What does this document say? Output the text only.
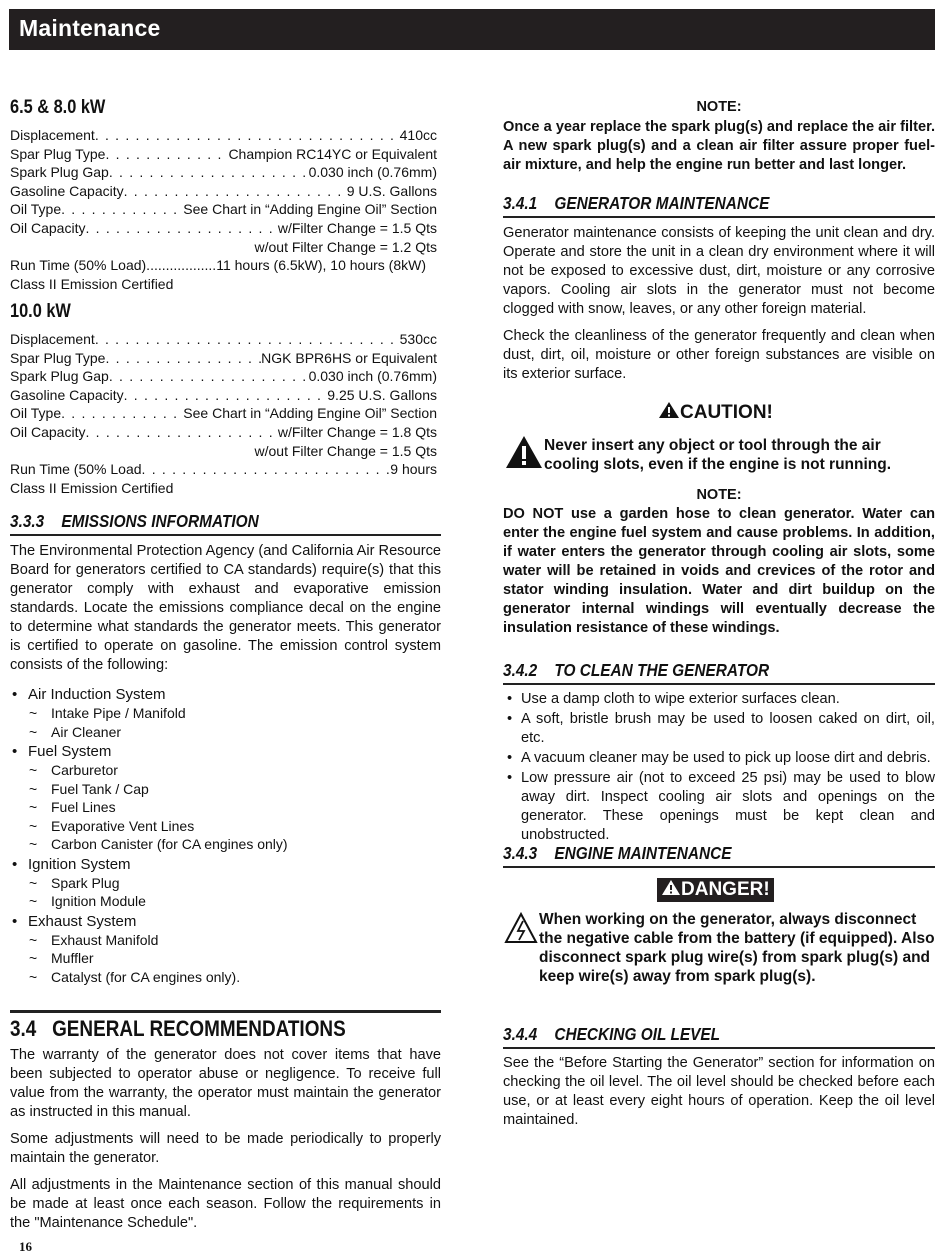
Maintenance
6.5 & 8.0 kW
Displacement . . .	410cc
Spar Plug Type . . .	Champion RC14YC or Equivalent
Spark Plug Gap . . .	0.030 inch (0.76mm)
Gasoline Capacity . . .	9 U.S. Gallons
Oil Type . . .	See Chart in “Adding Engine Oil” Section
Oil Capacity . . .	w/Filter Change = 1.5 Qts
w/out Filter Change = 1.2 Qts
Run Time (50% Load)..................11 hours (6.5kW), 10 hours (8kW)
Class II Emission Certified
10.0 kW
Displacement . . .	530cc
Spar Plug Type . . .	NGK BPR6HS or Equivalent
Spark Plug Gap . . .	0.030 inch (0.76mm)
Gasoline Capacity . . .	9.25 U.S. Gallons
Oil Type . . .	See Chart in “Adding Engine Oil” Section
Oil Capacity . . .	w/Filter Change = 1.8 Qts
w/out Filter Change = 1.5 Qts
Run Time (50% Load . . .	9 hours
Class II Emission Certified
3.3.3    EMISSIONS INFORMATION
The Environmental Protection Agency (and California Air Resource Board for generators certified to CA standards) require(s) that this generator comply with exhaust and evaporative emission standards. Locate the emissions compliance decal on the engine to determine what standards the generator meets. This generator is certified to operate on gasoline. The emission control system consists of the following:
• Air Induction System
~ Intake Pipe / Manifold
~ Air Cleaner
• Fuel System
~ Carburetor
~ Fuel Tank / Cap
~ Fuel Lines
~ Evaporative Vent Lines
~ Carbon Canister (for CA engines only)
• Ignition System
~ Spark Plug
~ Ignition Module
• Exhaust System
~ Exhaust Manifold
~ Muffler
~ Catalyst (for CA engines only).
3.4   GENERAL RECOMMENDATIONS
The warranty of the generator does not cover items that have been subjected to operator abuse or negligence. To receive full value from the warranty, the operator must maintain the generator as instructed in this manual.
Some adjustments will need to be made periodically to properly maintain the generator.
All adjustments in the Maintenance section of this manual should be made at least once each season. Follow the requirements in the "Maintenance Schedule".
16
NOTE:
Once a year replace the spark plug(s) and replace the air filter. A new spark plug(s) and a clean air filter assure proper fuel-air mixture, and help the engine run better and last longer.
3.4.1    GENERATOR MAINTENANCE
Generator maintenance consists of keeping the unit clean and dry. Operate and store the unit in a clean dry environment where it will not be exposed to excessive dust, dirt, moisture or any corrosive vapors. Cooling air slots in the generator must not become clogged with snow, leaves, or any other foreign material.
Check the cleanliness of the generator frequently and clean when dust, dirt, oil, moisture or other foreign substances are visible on its exterior surface.
CAUTION!
Never insert any object or tool through the air cooling slots, even if the engine is not running.
NOTE:
DO NOT use a garden hose to clean generator. Water can enter the engine fuel system and cause problems. In addition, if water enters the generator through cooling air slots, some water will be retained in voids and crevices of the rotor and stator winding insulation. Water and dirt buildup on the generator internal windings will eventually decrease the insulation resistance of these windings.
3.4.2    TO CLEAN THE GENERATOR
• Use a damp cloth to wipe exterior surfaces clean.
• A soft, bristle brush may be used to loosen caked on dirt, oil, etc.
• A vacuum cleaner may be used to pick up loose dirt and debris.
• Low pressure air (not to exceed 25 psi) may be used to blow away dirt. Inspect cooling air slots and openings on the generator. These openings must be kept clean and unobstructed.
3.4.3    ENGINE MAINTENANCE
DANGER!
When working on the generator, always disconnect the negative cable from the battery (if equipped). Also disconnect spark plug wire(s) from spark plug(s) and keep wire(s) away from spark plug(s).
3.4.4    CHECKING OIL LEVEL
See the “Before Starting the Generator” section for information on checking the oil level. The oil level should be checked before each use, or at least every eight hours of operation. Keep the oil level maintained.
